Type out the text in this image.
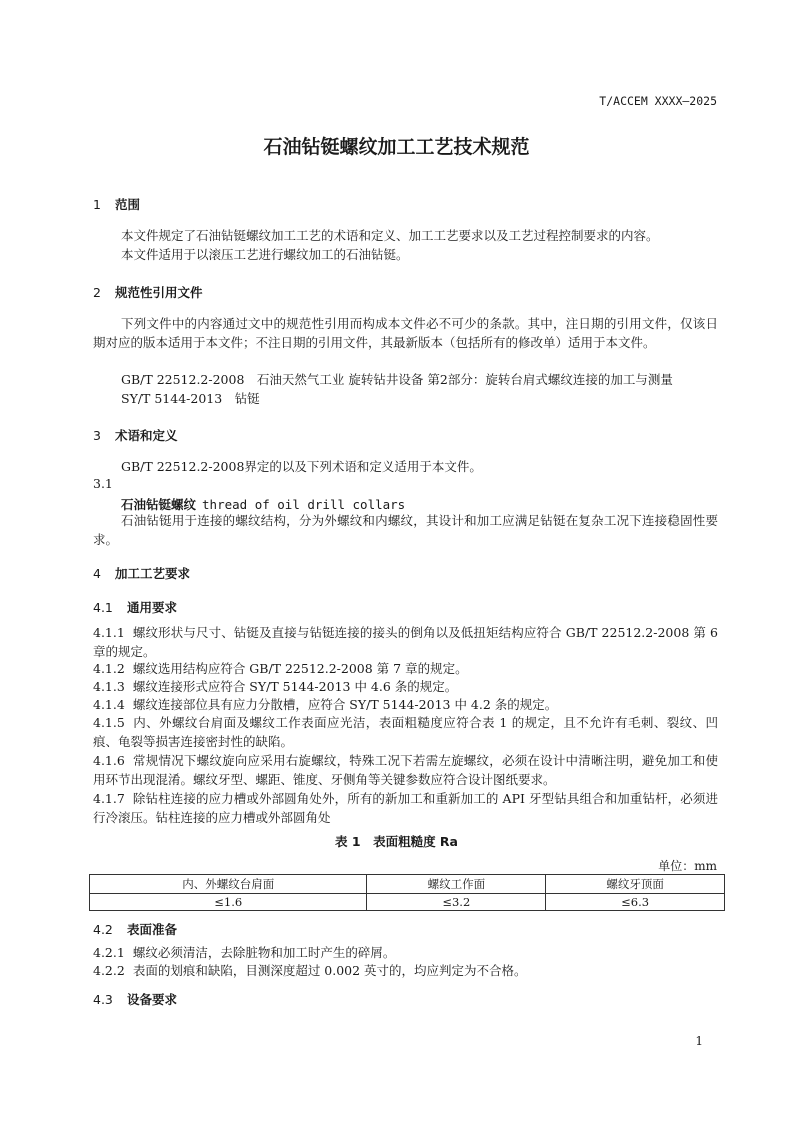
T/ACCEM XXXX—2025
石油钻铤螺纹加工工艺技术规范
1 范围
本文件规定了石油钻铤螺纹加工工艺的术语和定义、加工工艺要求以及工艺过程控制要求的内容。
本文件适用于以滚压工艺进行螺纹加工的石油钻铤。
2 规范性引用文件
下列文件中的内容通过文中的规范性引用而构成本文件必不可少的条款。其中，注日期的引用文件，仅该日期对应的版本适用于本文件；不注日期的引用文件，其最新版本（包括所有的修改单）适用于本文件。
GB/T 22512.2-2008　石油天然气工业 旋转钻井设备 第2部分：旋转台肩式螺纹连接的加工与测量
SY/T 5144-2013　钻铤
3 术语和定义
GB/T 22512.2-2008界定的以及下列术语和定义适用于本文件。
3.1
石油钻铤螺纹 thread of oil drill collars
石油钻铤用于连接的螺纹结构，分为外螺纹和内螺纹，其设计和加工应满足钻铤在复杂工况下连接稳固性要求。
4 加工工艺要求
4.1 通用要求
4.1.1 螺纹形状与尺寸、钻铤及直接与钻铤连接的接头的倒角以及低扭矩结构应符合 GB/T 22512.2-2008 第 6 章的规定。
4.1.2 螺纹选用结构应符合 GB/T 22512.2-2008 第 7 章的规定。
4.1.3 螺纹连接形式应符合 SY/T 5144-2013 中 4.6 条的规定。
4.1.4 螺纹连接部位具有应力分散槽，应符合 SY/T 5144-2013 中 4.2 条的规定。
4.1.5 内、外螺纹台肩面及螺纹工作表面应光洁，表面粗糙度应符合表 1 的规定，且不允许有毛刺、裂纹、凹痕、龟裂等损害连接密封性的缺陷。
4.1.6 常规情况下螺纹旋向应采用右旋螺纹，特殊工况下若需左旋螺纹，必须在设计中清晰注明，避免加工和使用环节出现混淆。螺纹牙型、螺距、锥度、牙侧角等关键参数应符合设计图纸要求。
4.1.7 除钻柱连接的应力槽或外部圆角处外，所有的新加工和重新加工的 API 牙型钻具组合和加重钻杆，必须进行冷滚压。钻柱连接的应力槽或外部圆角处
表 1　表面粗糙度 Ra
单位：mm
内、外螺纹台肩面	螺纹工作面	螺纹牙顶面
≤1.6	≤3.2	≤6.3
4.2 表面准备
4.2.1 螺纹必须清洁，去除脏物和加工时产生的碎屑。
4.2.2 表面的划痕和缺陷，目测深度超过 0.002 英寸的，均应判定为不合格。
4.3 设备要求
1
